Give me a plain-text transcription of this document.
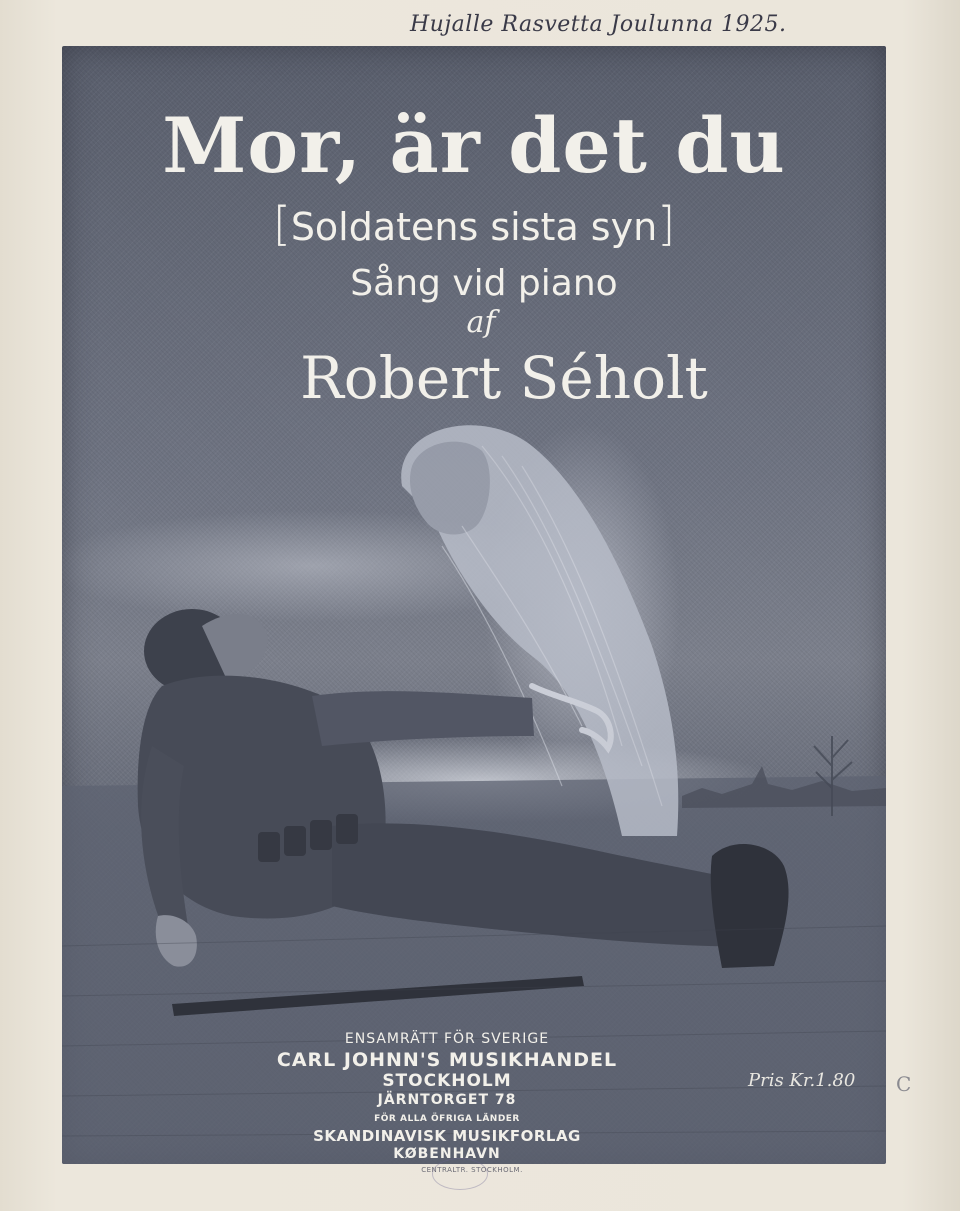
Hujalle Rasvetta Joulunna 1925.
Mor, är det du
[Soldatens sista syn]
Sång vid piano
af
Robert Séholt
ENSAMRÄTT FÖR SVERIGE
CARL JOHNN'S MUSIKHANDEL
STOCKHOLM
JÄRNTORGET 78
FÖR ALLA ÖFRIGA LÄNDER
SKANDINAVISK MUSIKFORLAG
KØBENHAVN
Pris Kr.1.80
CENTRALTR. STOCKHOLM.
C
